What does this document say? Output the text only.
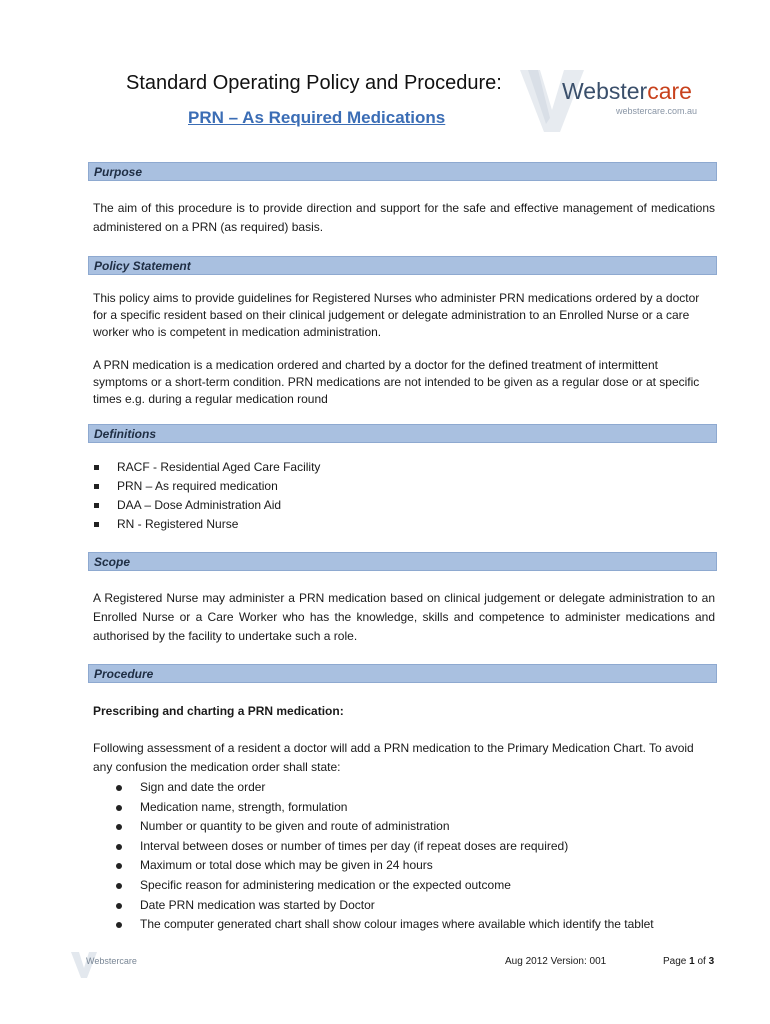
Standard Operating Policy and Procedure:
PRN – As Required Medications
Webstercare
webstercare.com.au
Purpose

The aim of this procedure is to provide direction and support for the safe and effective management of medications administered on a PRN (as required) basis.

Policy Statement

This policy aims to provide guidelines for Registered Nurses who administer PRN medications ordered by a doctor for a specific resident based on their clinical judgement or delegate administration to an Enrolled Nurse or a care worker who is competent in medication administration.

A PRN medication is a medication ordered and charted by a doctor for the defined treatment of intermittent symptoms or a short-term condition. PRN medications are not intended to be given as a regular dose or at specific times e.g. during a regular medication round

Definitions
RACF - Residential Aged Care Facility
PRN – As required medication
DAA – Dose Administration Aid
RN - Registered Nurse
Scope

A Registered Nurse may administer a PRN medication based on clinical judgement or delegate administration to an Enrolled Nurse or a Care Worker who has the knowledge, skills and competence to administer medications and authorised by the facility to undertake such a role.

Procedure
Prescribing and charting a PRN medication:

Following assessment of a resident a doctor will add a PRN medication to the Primary Medication Chart. To avoid any confusion the medication order shall state:

Sign and date the order
Medication name, strength, formulation
Number or quantity to be given and route of administration
Interval between doses or number of times per day (if repeat doses are required)
Maximum or total dose which may be given in 24 hours
Specific reason for administering medication or the expected outcome
Date PRN medication was started by Doctor
The computer generated chart shall show colour images where available which identify the tablet
Webstercare	Aug 2012 Version: 001	Page 1 of 3
